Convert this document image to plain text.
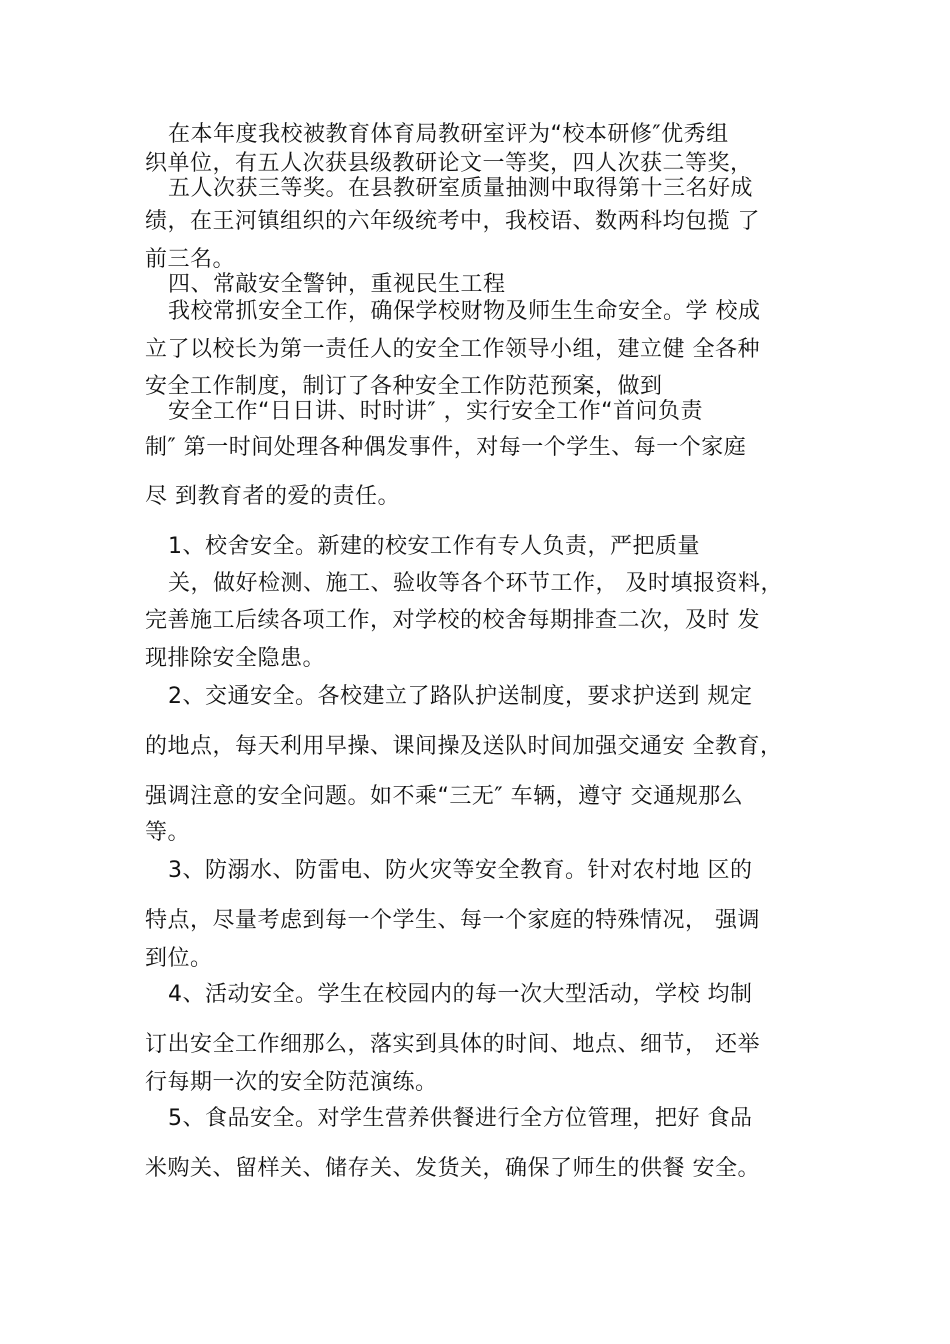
在本年度我校被教育体育局教研室评为“校本研修″优秀组
织单位，有五人次获县级教研论文一等奖，四人次获二等奖，
五人次获三等奖。在县教研室质量抽测中取得第十三名好成
绩，在王河镇组织的六年级统考中，我校语、数两科均包揽 了
前三名。
四、常敲安全警钟，重视民生工程
我校常抓安全工作，确保学校财物及师生生命安全。学 校成
立了以校长为第一责任人的安全工作领导小组，建立健 全各种
安全工作制度，制订了各种安全工作防范预案，做到
安全工作“日日讲、时时讲″ ，实行安全工作“首问负责
制″ 第一时间处理各种偶发事件，对每一个学生、每一个家庭
尽 到教育者的爱的责任。
1、校舍安全。新建的校安工作有专人负责，严把质量
关，做好检测、施工、验收等各个环节工作， 及时填报资料，
完善施工后续各项工作，对学校的校舍每期排查二次，及时 发
现排除安全隐患。
2、交通安全。各校建立了路队护送制度，要求护送到 规定
的地点，每天利用早操、课间操及送队时间加强交通安 全教育，
强调注意的安全问题。如不乘“三无″ 车辆，遵守 交通规那么
等。
3、防溺水、防雷电、防火灾等安全教育。针对农村地 区的
特点，尽量考虑到每一个学生、每一个家庭的特殊情况， 强调
到位。
4、活动安全。学生在校园内的每一次大型活动，学校 均制
订出安全工作细那么，落实到具体的时间、地点、细节， 还举
行每期一次的安全防范演练。
5、食品安全。对学生营养供餐进行全方位管理，把好 食品
米购关、留样关、储存关、发货关，确保了师生的供餐 安全。
